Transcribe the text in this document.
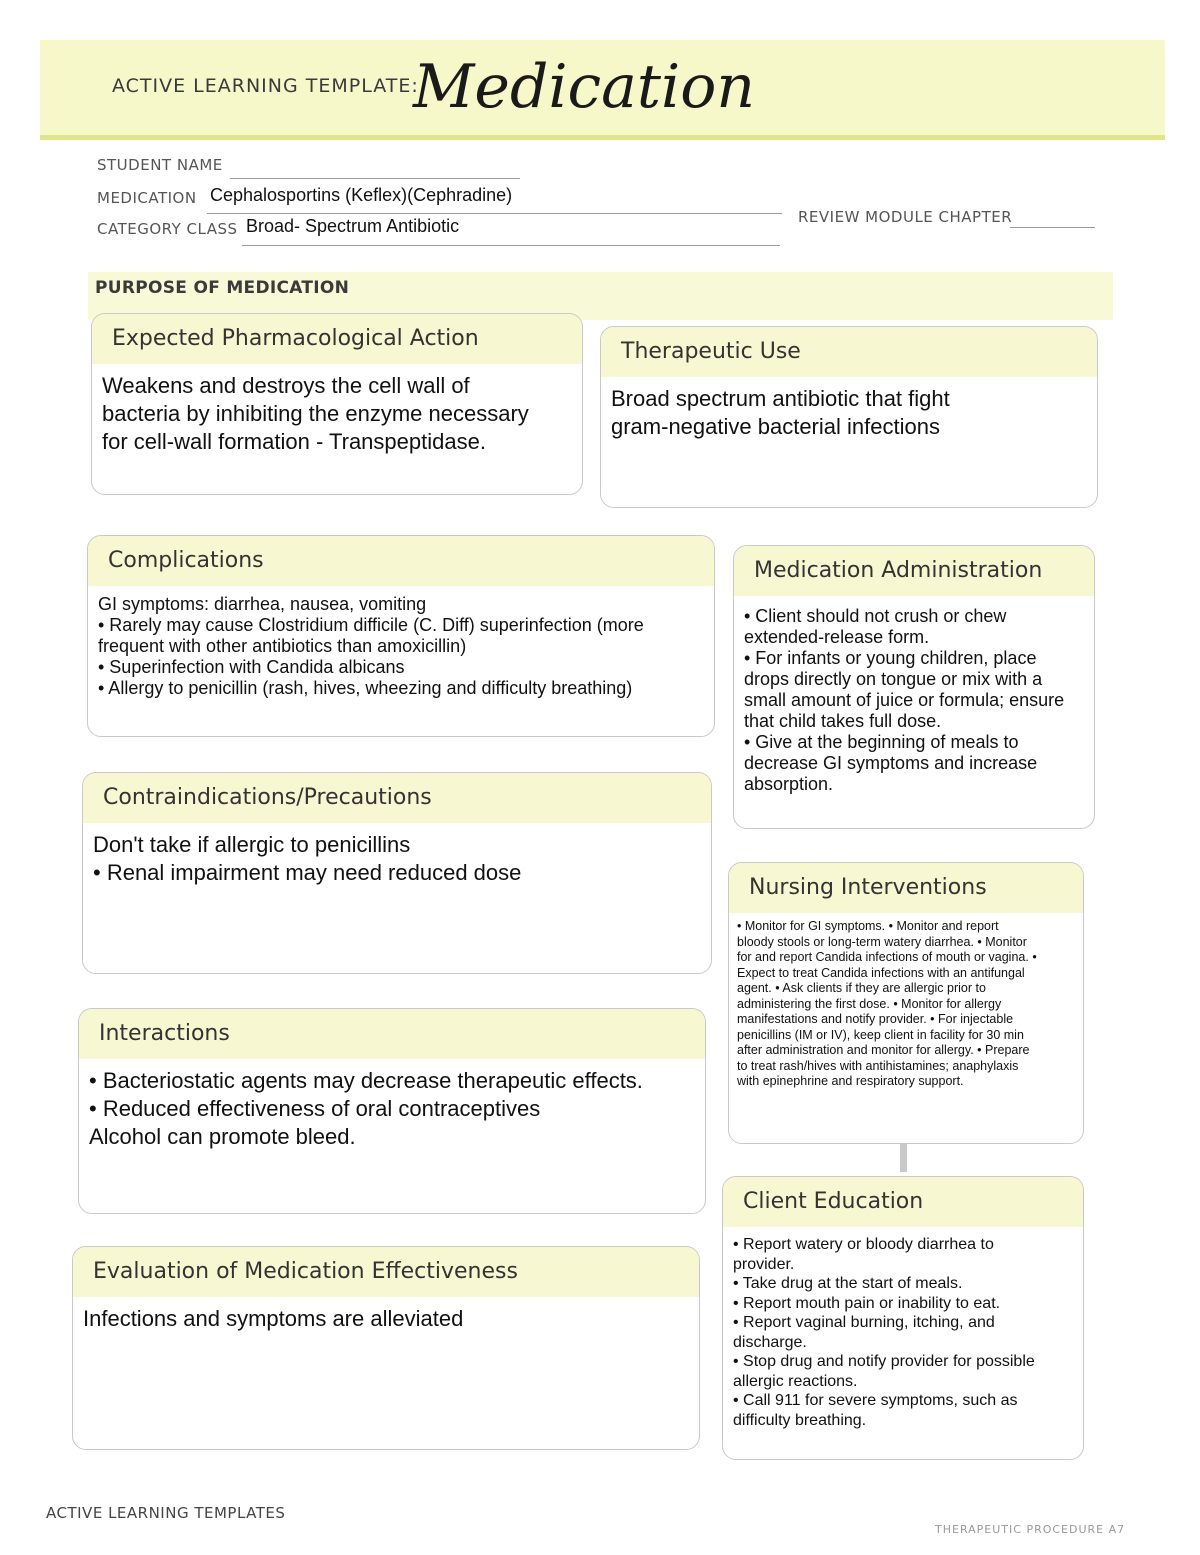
ACTIVE LEARNING TEMPLATE:
Medication
STUDENT NAME
MEDICATION Cephalosportins (Keflex)(Cephradine)
CATEGORY CLASS Broad- Spectrum Antibiotic	REVIEW MODULE CHAPTER
PURPOSE OF MEDICATION
Expected Pharmacological Action
Weakens and destroys the cell wall of
bacteria by inhibiting the enzyme necessary
for cell-wall formation - Transpeptidase.
Therapeutic Use
Broad spectrum antibiotic that fight
gram-negative bacterial infections
Complications
GI symptoms: diarrhea, nausea, vomiting
• Rarely may cause Clostridium difficile (C. Diff) superinfection (more
frequent with other antibiotics than amoxicillin)
• Superinfection with Candida albicans
• Allergy to penicillin (rash, hives, wheezing and difficulty breathing)
Medication Administration
• Client should not crush or chew
extended-release form.
• For infants or young children, place
drops directly on tongue or mix with a
small amount of juice or formula; ensure
that child takes full dose.
• Give at the beginning of meals to
decrease GI symptoms and increase
absorption.
Contraindications/Precautions
Don't take if allergic to penicillins
• Renal impairment may need reduced dose
Nursing Interventions
• Monitor for GI symptoms. • Monitor and report
bloody stools or long-term watery diarrhea. • Monitor
for and report Candida infections of mouth or vagina. •
Expect to treat Candida infections with an antifungal
agent. • Ask clients if they are allergic prior to
administering the first dose. • Monitor for allergy
manifestations and notify provider. • For injectable
penicillins (IM or IV), keep client in facility for 30 min
after administration and monitor for allergy. • Prepare
to treat rash/hives with antihistamines; anaphylaxis
with epinephrine and respiratory support.
Interactions
• Bacteriostatic agents may decrease therapeutic effects.
• Reduced effectiveness of oral contraceptives
Alcohol can promote bleed.
Client Education
• Report watery or bloody diarrhea to
provider.
• Take drug at the start of meals.
• Report mouth pain or inability to eat.
• Report vaginal burning, itching, and
discharge.
• Stop drug and notify provider for possible
allergic reactions.
• Call 911 for severe symptoms, such as
difficulty breathing.
Evaluation of Medication Effectiveness
Infections and symptoms are alleviated
ACTIVE LEARNING TEMPLATES
THERAPEUTIC PROCEDURE A7
